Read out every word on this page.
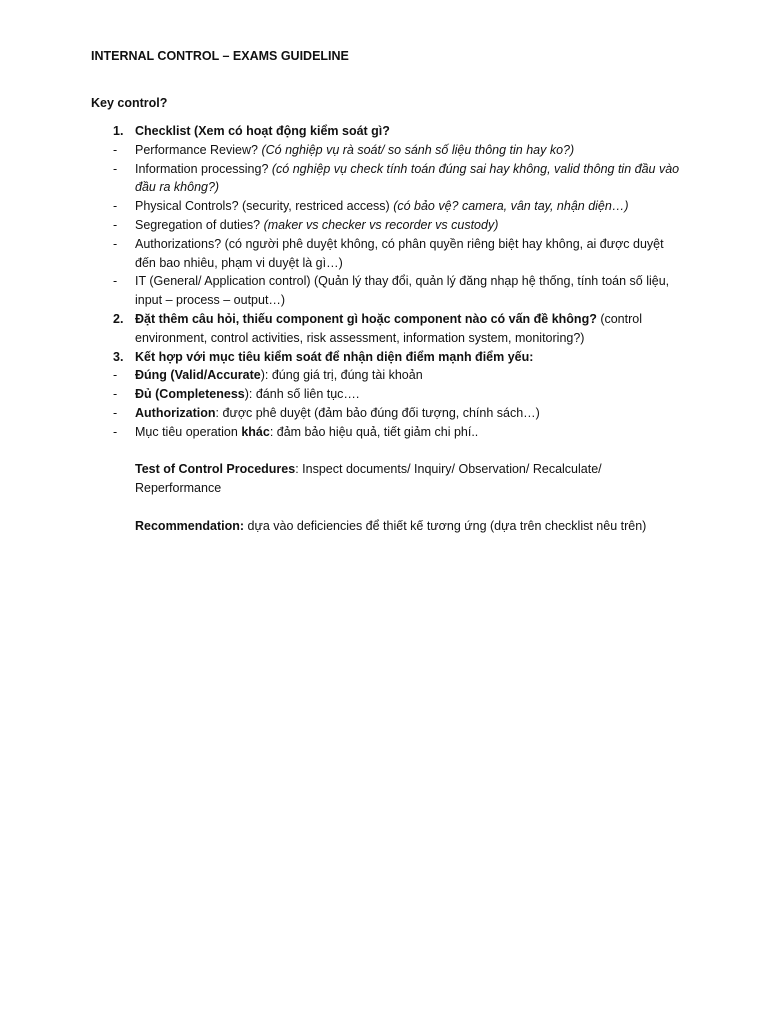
INTERNAL CONTROL – EXAMS GUIDELINE
Key control?
1. Checklist (Xem có hoạt động kiểm soát gì?
-	Performance Review? (Có nghiệp vụ rà soát/ so sánh số liệu thông tin hay ko?)
-	Information processing? (có nghiệp vụ check tính toán đúng sai hay không, valid thông tin đầu vào đầu ra không?)
-	Physical Controls? (security, restriced access) (có bảo vệ? camera, vân tay, nhận diện…)
-	Segregation of duties? (maker vs checker vs recorder vs custody)
-	Authorizations? (có người phê duyệt không, có phân quyền riêng biệt hay không, ai được duyệt đến bao nhiêu, phạm vi duyệt là gì…)
-	IT (General/ Application control) (Quản lý thay đổi, quản lý đăng nhạp hệ thống, tính toán số liệu, input – process – output…)
2. Đặt thêm câu hỏi, thiếu component gì hoặc component nào có vấn đề không? (control environment, control activities, risk assessment, information system, monitoring?)
3. Kết hợp với mục tiêu kiểm soát để nhận diện điểm mạnh điểm yếu:
-	Đúng (Valid/Accurate): đúng giá trị, đúng tài khoản
-	Đủ (Completeness): đánh số liên tục….
-	Authorization: được phê duyệt (đảm bảo đúng đối tượng, chính sách…)
-	Mục tiêu operation khác: đảm bảo hiệu quả, tiết giảm chi phí..
Test of Control Procedures: Inspect documents/ Inquiry/ Observation/ Recalculate/ Reperformance
Recommendation: dựa vào deficiencies để thiết kế tương ứng (dựa trên checklist nêu trên)
